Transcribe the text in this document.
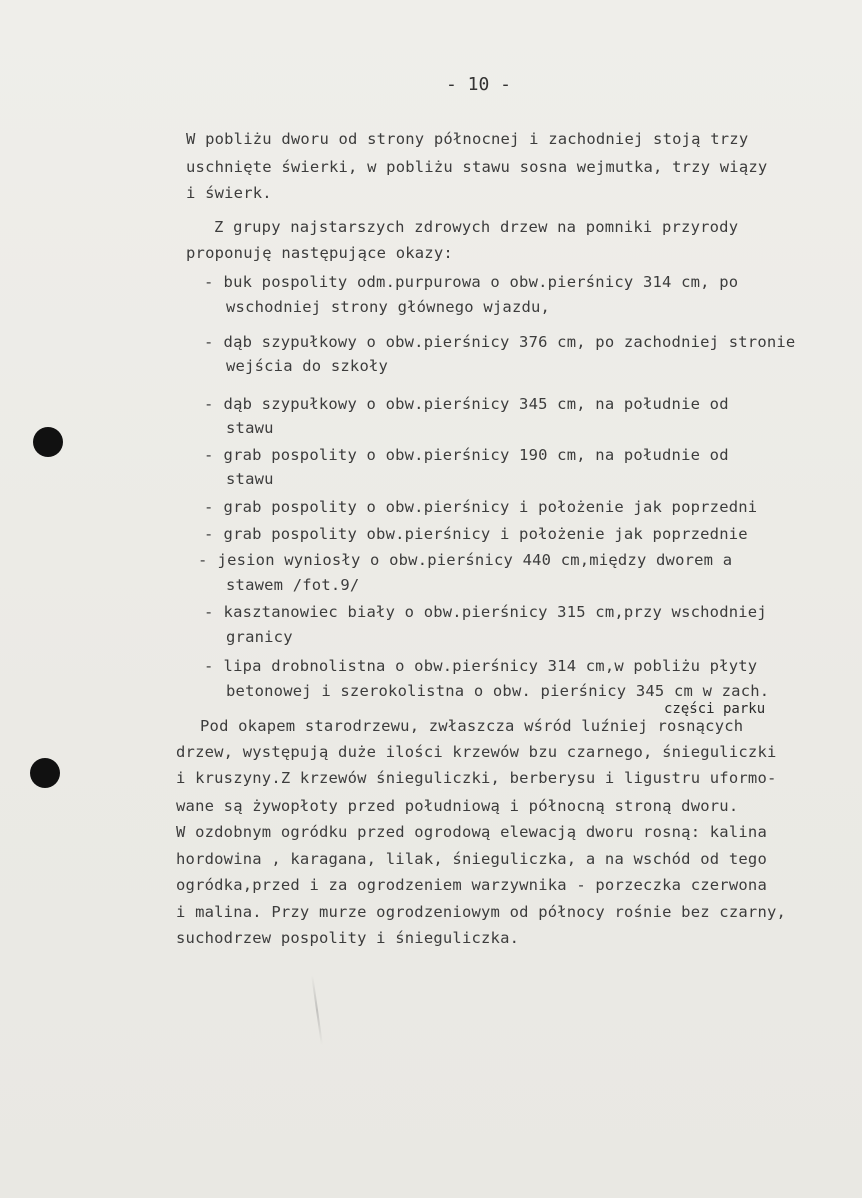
- 10 -
W pobliżu dworu od strony północnej i zachodniej stoją trzy
uschnięte świerki, w pobliżu stawu sosna wejmutka, trzy wiązy
i świerk.
Z grupy najstarszych zdrowych drzew na pomniki przyrody
proponuję następujące okazy:
- buk pospolity odm.purpurowa o obw.pierśnicy 314 cm, po
wschodniej strony głównego wjazdu,
- dąb szypułkowy o obw.pierśnicy 376 cm, po zachodniej stronie
wejścia do szkoły
- dąb szypułkowy o obw.pierśnicy 345 cm, na południe od
stawu
- grab pospolity o obw.pierśnicy 190 cm, na południe od
stawu
- grab pospolity o obw.pierśnicy i położenie jak poprzedni
- grab pospolity obw.pierśnicy i położenie jak poprzednie
- jesion wyniosły o obw.pierśnicy 440 cm,między dworem a
stawem /fot.9/
- kasztanowiec biały o obw.pierśnicy 315 cm,przy wschodniej
granicy
- lipa drobnolistna o obw.pierśnicy 314 cm,w pobliżu płyty
betonowej i szerokolistna o obw. pierśnicy 345 cm w zach.
części parku
Pod okapem starodrzewu, zwłaszcza wśród luźniej rosnących
drzew, występują duże ilości krzewów bzu czarnego, śnieguliczki
i kruszyny.Z krzewów śnieguliczki, berberysu i ligustru uformo-
wane są żywopłoty przed południową i północną stroną dworu.
W ozdobnym ogródku przed ogrodową elewacją dworu rosną: kalina
hordowina , karagana, lilak, śnieguliczka, a na wschód od tego
ogródka,przed i za ogrodzeniem warzywnika - porzeczka czerwona
i malina. Przy murze ogrodzeniowym od północy rośnie bez czarny,
suchodrzew pospolity i śnieguliczka.
